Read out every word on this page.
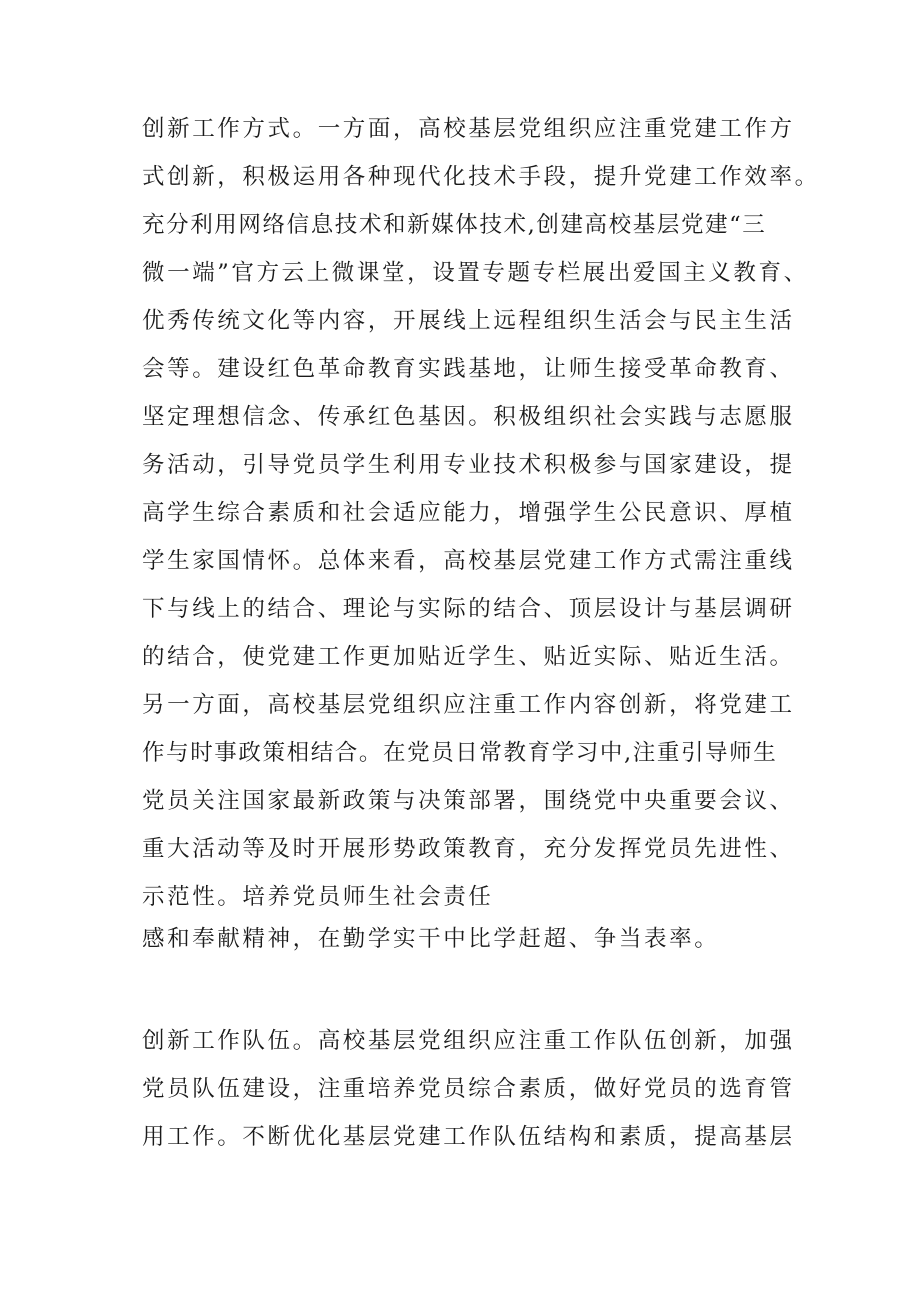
创新工作方式。一方面，高校基层党组织应注重党建工作方
式创新，积极运用各种现代化技术手段，提升党建工作效率。
充分利用网络信息技术和新媒体技术,创建高校基层党建“三
微一端”官方云上微课堂，设置专题专栏展出爱国主义教育、
优秀传统文化等内容，开展线上远程组织生活会与民主生活
会等。建设红色革命教育实践基地，让师生接受革命教育、
坚定理想信念、传承红色基因。积极组织社会实践与志愿服
务活动，引导党员学生利用专业技术积极参与国家建设，提
高学生综合素质和社会适应能力，增强学生公民意识、厚植
学生家国情怀。总体来看，高校基层党建工作方式需注重线
下与线上的结合、理论与实际的结合、顶层设计与基层调研
的结合，使党建工作更加贴近学生、贴近实际、贴近生活。
另一方面，高校基层党组织应注重工作内容创新，将党建工
作与时事政策相结合。在党员日常教育学习中,注重引导师生
党员关注国家最新政策与决策部署，围绕党中央重要会议、
重大活动等及时开展形势政策教育，充分发挥党员先进性、
示范性。培养党员师生社会责任
感和奉献精神，在勤学实干中比学赶超、争当表率。
创新工作队伍。高校基层党组织应注重工作队伍创新，加强
党员队伍建设，注重培养党员综合素质，做好党员的选育管
用工作。不断优化基层党建工作队伍结构和素质，提高基层
